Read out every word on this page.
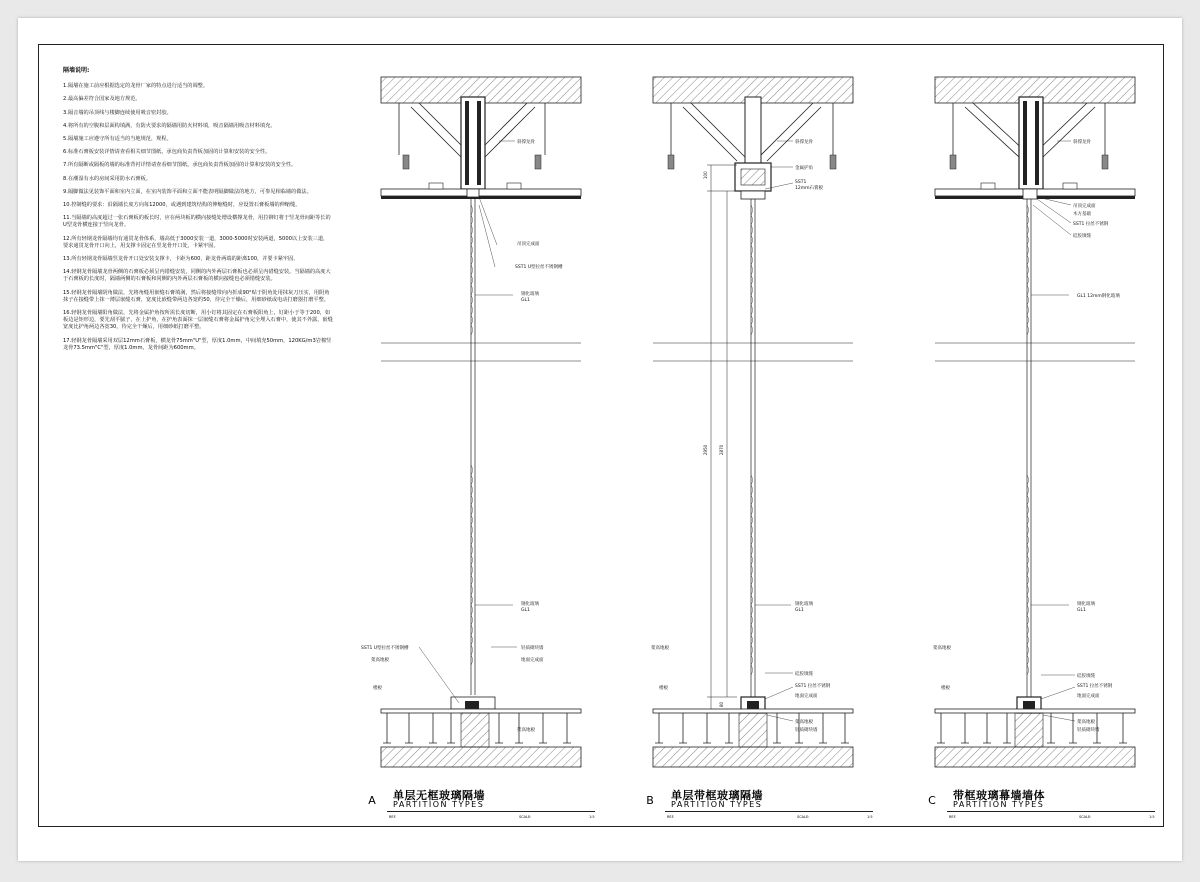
隔墙说明:
1.隔墙在施工前应根据选定的龙骨厂家的特点进行适当的调整。
2.最高偏差符合国家及地方规范。
3.隔音墙的吊顶线与楼脚连续使用吸音密封胶。
4.将所有的空腹和层面构填满，有防火要求的隔墙用防火材料填，吸音隔墙用吸音材料填充。
5.隔墙施工应遵守所有适当的当地规范，规程。
6.标准石膏板安装详情请查看相关细节图纸，承包商负责背板加固的计算和安装的安全性。
7.所有隔断或隔板的墙的标准背衬详情请查看细节图纸，承包商负责背板加固的计算和安装的安全性。
8.在潮湿有水的房间采用防水石膏板。
9.隔脚做法见装饰平面和室内立面，在室内装饰平面和立面不能表明隔脚做法的地方，可参见相临墙的做法。
10.控制缝的要求：沿隔墙长度方向每12000，或遇到建筑结构的伸缩缝时，应设置石膏板墙的伸缩缝。
11.当隔墙的高度超过一张石膏板的板长时，应在两块板的横向接缝处增设横撑龙骨，用拉铆钉将于竖龙骨间距等长的U型龙骨横连接于竖向龙骨。
12.所有轻钢龙骨隔墙均有通贯龙骨体系，墙高低于3000安装一道，3000-5000时安装两道，5000以上安装三道，要求通贯龙骨开口向上，用支撑卡固定在竖龙骨开口处，卡紧牢固。
13.所有轻钢龙骨隔墙竖龙骨开口处安装支撑卡，卡距为600，距龙骨两端的距离100，并要卡紧牢固。
14.轻钢龙骨隔墙龙骨两侧的石膏板必须呈内错缝安装，同侧的内外两层石膏板也必须呈内错缝安装。当隔墙的高度大于石膏板的长度时，隔墙两侧的石膏板和同侧的内外两层石膏板的横向接缝也必须错缝安装。
15.轻钢龙骨隔墙阴角做法，先将角缝用嵌缝石膏填满，然后将接缝带向内折成90°贴于阴角处用抹灰刀压实，用阴角抹子在接缝带上抹一薄层嵌缝石膏，宽度比嵌缝带两边各宽约50，待完全干燥后，用细砂纸或电动打磨器打磨平整。
16.轻钢龙骨隔墙阳角做法，先将金属护角按所需长度切断，用小钉将其固定在石膏板阳角上，钉距小于等于200，如板边是矩形边，要先刮平腻子，在上护角，在护角表面抹一层嵌缝石膏将金属护角完全埋入石膏中，使其不外露，嵌缝宽度比护角两边各宽30，待完全干燥后，用细砂纸打磨平整。
17.轻钢龙骨隔墙采用双层12mm石膏板，横龙骨75mm"U"型，厚度1.0mm，中间填充50mm，120KG/m3岩棉竖龙骨73.5mm"C"型，厚度1.0mm，龙骨间距为600mm。
斜撑龙骨
吊顶完成面
SST1 U型拉丝不锈钢槽
钢化玻璃
GL1
钢化玻璃
GL1
SST1 U型拉丝不锈钢槽
架高地板
轻质砌块墙
地面完成面
楼板
架高地板
A	单层无框玻璃隔墙
PARTITION TYPES
REF.	SCALE:	1:5
100
2950	2870
80
斜撑龙骨
金属护角
SST1
12mm石膏板
钢化玻璃
GL1
架高地板
楼板
硅胶填缝
SST1 拉丝不锈钢
地面完成面
架高地板
轻质砌块墙
B	单层带框玻璃隔墙
PARTITION TYPES
REF.	SCALE:	1:5
斜撑龙骨
吊顶完成面
木方基础
SST1 拉丝不锈钢
硅胶填缝
GL1 12mm钢化玻璃
钢化玻璃
GL1
架高地板
楼板
硅胶填缝
SST1 拉丝不锈钢
地面完成面
架高地板
轻质砌块墙
C	带框玻璃幕墙墙体
PARTITION TYPES
REF.	SCALE:	1:5
